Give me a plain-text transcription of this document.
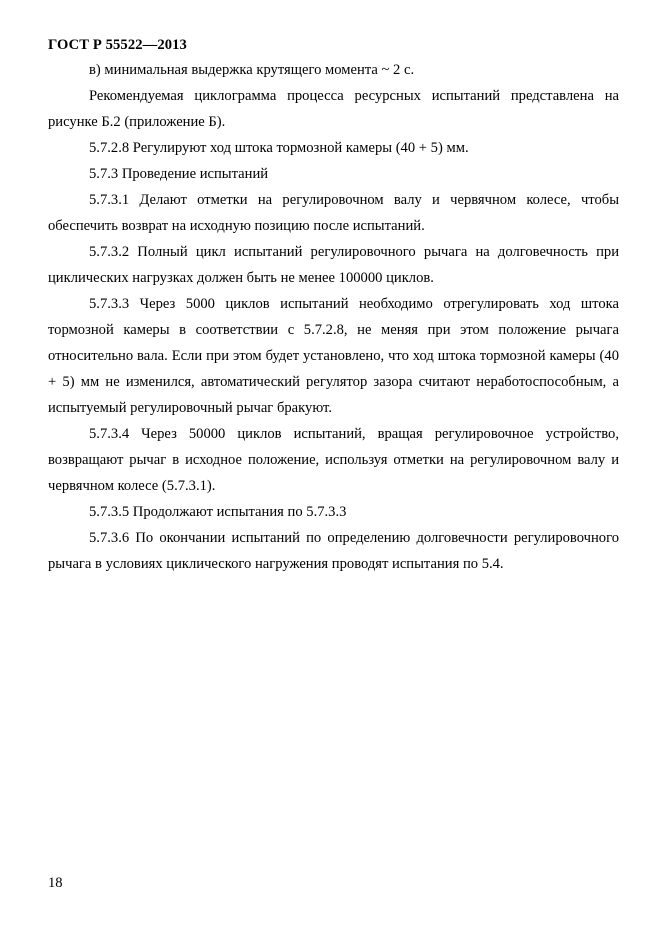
ГОСТ Р 55522—2013

в) минимальная выдержка крутящего момента ~ 2 с.

Рекомендуемая циклограмма процесса ресурсных испытаний представлена на рисунке Б.2 (приложение Б).

5.7.2.8 Регулируют ход штока тормозной камеры (40 + 5) мм.

5.7.3 Проведение испытаний

5.7.3.1 Делают отметки на регулировочном валу и червячном колесе, чтобы обеспечить возврат на исходную позицию после испытаний.

5.7.3.2 Полный цикл испытаний регулировочного рычага на долговечность при циклических нагрузках должен быть не менее 100000 циклов.

5.7.3.3 Через 5000 циклов испытаний необходимо отрегулировать ход штока тормозной камеры в соответствии с 5.7.2.8, не меняя при этом положение рычага относительно вала. Если при этом будет установлено, что ход штока тормозной камеры (40 + 5) мм не изменился, автоматический регулятор зазора считают неработоспособным, а испытуемый регулировочный рычаг бракуют.

5.7.3.4 Через 50000 циклов испытаний, вращая регулировочное устройство, возвращают рычаг в исходное положение, используя отметки на регулировочном валу и червячном колесе (5.7.3.1).

5.7.3.5 Продолжают испытания по 5.7.3.3

5.7.3.6 По окончании испытаний по определению долговечности регулировочного рычага в условиях циклического нагружения проводят испытания по 5.4.

18
